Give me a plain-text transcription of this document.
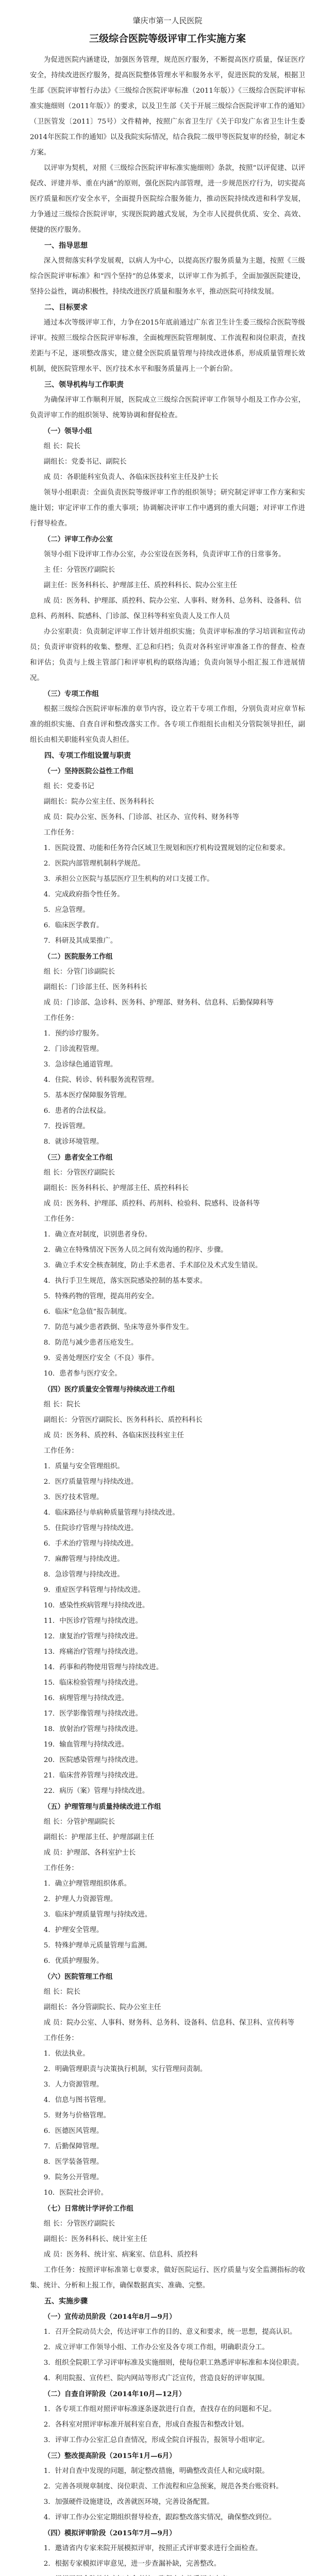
肇庆市第一人民医院

三级综合医院等级评审工作实施方案

为促进医院内涵建设，加强医务管理，规范医疗服务，不断提高医疗质量，保证医疗安全，持续改进医疗服务，提高医院整体管理水平和服务水平，促进医院的发展，根据卫生部《医院评审暂行办法》《三级综合医院评审标准（2011年版）》《三级综合医院评审标准实施细则（2011年版）》的要求，以及卫生部《关于开展三级综合医院评审工作的通知》（卫医管发〔2011〕75号）文件精神，按照广东省卫生厅《关于印发广东省卫生计生委2014年医院工作的通知》以及我院实际情况，结合我院二级甲等医院复审的经验，制定本方案。

以评审为契机，对照《三级综合医院评审标准实施细则》条款，按照“以评促建、以评促改、评建并举、重在内涵”的原则，强化医院内部管理，进一步规范医疗行为，切实提高医疗质量和医疗安全水平，全面提升医院综合服务能力，推动医院持续改进和科学发展，力争通过三级综合医院评审，实现医院跨越式发展，为全市人民提供优质、安全、高效、便捷的医疗服务。

一、指导思想

深入贯彻落实科学发展观，以病人为中心，以提高医疗服务质量为主题，按照《三级综合医院评审标准》和“四个坚持”的总体要求，以评审工作为抓手，全面加强医院建设，坚持公益性，调动积极性，持续改进医疗质量和服务水平，推动医院可持续发展。

二、目标要求

通过本次等级评审工作，力争在2015年底前通过广东省卫生计生委三级综合医院等级评审。按照三级综合医院评审标准，全面梳理医院管理制度、工作流程和岗位职责，查找差距与不足，逐项整改落实，建立健全医院质量管理与持续改进体系，形成质量管理长效机制，使医院管理水平、医疗技术水平和服务质量再上一个新台阶。

三、领导机构与工作职责

为确保评审工作顺利开展，医院成立三级综合医院评审工作领导小组及工作办公室，负责评审工作的组织领导、统筹协调和督促检查。

（一）领导小组

组 长：院长

副组长：党委书记、副院长

成 员：各职能科室负责人、各临床医技科室主任及护士长

领导小组职责：全面负责医院等级评审工作的组织领导；研究制定评审工作方案和实施计划；审定评审工作的重大事项；协调解决评审工作中遇到的重大问题；对评审工作进行督导检查。

（二）评审工作办公室

领导小组下设评审工作办公室，办公室设在医务科，负责评审工作的日常事务。

主 任：分管医疗副院长

副主任：医务科科长、护理部主任、质控科科长、院办公室主任

成 员：医务科、护理部、质控科、院办公室、人事科、财务科、总务科、设备科、信息科、药剂科、院感科、门诊部、保卫科等科室负责人及工作人员

办公室职责：负责制定评审工作计划并组织实施；负责评审标准的学习培训和宣传动员；负责评审资料的收集、整理、汇总和归档；负责对各科室评审准备工作的督查、检查和评估；负责与上级主管部门和评审机构的联络沟通；负责向领导小组汇报工作进展情况。

（三）专项工作组

根据三级综合医院评审标准的章节内容，设立若干专项工作组，分别负责对应章节标准的组织实施、自查自评和整改落实工作。各专项工作组组长由相关分管院领导担任，副组长由相关职能科室负责人担任。

四、专项工作组设置与职责

（一）坚持医院公益性工作组

组 长：党委书记

副组长：院办公室主任、医务科科长

成 员：院办公室、医务科、门诊部、社区办、宣传科、财务科等

工作任务：

1．医院设置、功能和任务符合区域卫生规划和医疗机构设置规划的定位和要求。

2．医院内部管理机制科学规范。

3．承担公立医院与基层医疗卫生机构的对口支援工作。

4．完成政府指令性任务。

5．应急管理。

6．临床医学教育。

7．科研及其成果推广。

（二）医院服务工作组

组 长：分管门诊副院长

副组长：门诊部主任、医务科科长

成 员：门诊部、急诊科、医务科、护理部、财务科、信息科、后勤保障科等

工作任务：

1．预约诊疗服务。

2．门诊流程管理。

3．急诊绿色通道管理。

4．住院、转诊、转科服务流程管理。

5．基本医疗保障服务管理。

6．患者的合法权益。

7．投诉管理。

8．就诊环境管理。

（三）患者安全工作组

组 长：分管医疗副院长

副组长：医务科科长、护理部主任、质控科科长

成 员：医务科、护理部、质控科、药剂科、检验科、院感科、设备科等

工作任务：

1．确立查对制度，识别患者身份。

2．确立在特殊情况下医务人员之间有效沟通的程序、步骤。

3．确立手术安全核查制度，防止手术患者、手术部位及术式发生错误。

4．执行手卫生规范，落实医院感染控制的基本要求。

5．特殊药物的管理，提高用药安全。

6．临床“危急值”报告制度。

7．防范与减少患者跌倒、坠床等意外事件发生。

8．防范与减少患者压疮发生。

9．妥善处理医疗安全（不良）事件。

10．患者参与医疗安全。

（四）医疗质量安全管理与持续改进工作组

组 长：院长

副组长：分管医疗副院长、医务科科长、质控科科长

成 员：医务科、质控科、各临床医技科室主任

工作任务：

1．质量与安全管理组织。

2．医疗质量管理与持续改进。

3．医疗技术管理。

4．临床路径与单病种质量管理与持续改进。

5．住院诊疗管理与持续改进。

6．手术治疗管理与持续改进。

7．麻醉管理与持续改进。

8．急诊管理与持续改进。

9．重症医学科管理与持续改进。

10．感染性疾病管理与持续改进。

11．中医诊疗管理与持续改进。

12．康复治疗管理与持续改进。

13．疼痛治疗管理与持续改进。

14．药事和药物使用管理与持续改进。

15．临床检验管理与持续改进。

16．病理管理与持续改进。

17．医学影像管理与持续改进。

18．放射治疗管理与持续改进。

19．输血管理与持续改进。

20．医院感染管理与持续改进。

21．临床营养管理与持续改进。

22．病历（案）管理与持续改进。

（五）护理管理与质量持续改进工作组

组 长：分管护理副院长

副组长：护理部主任、护理部副主任

成 员：护理部、各科室护士长

工作任务：

1．确立护理管理组织体系。

2．护理人力资源管理。

3．临床护理质量管理与持续改进。

4．护理安全管理。

5．特殊护理单元质量管理与监测。

6．优质护理服务。

（六）医院管理工作组

组 长：院长

副组长：各分管副院长、院办公室主任

成 员：院办公室、人事科、财务科、总务科、设备科、信息科、保卫科、宣传科等

工作任务：

1．依法执业。

2．明确管理职责与决策执行机制，实行管理问责制。

3．人力资源管理。

4．信息与图书管理。

5．财务与价格管理。

6．医德医风管理。

7．后勤保障管理。

8．医学装备管理。

9．院务公开管理。

10．医院社会评价。

（七）日常统计学评价工作组

组 长：分管医疗副院长

副组长：医务科科长、统计室主任

成 员：医务科、统计室、病案室、信息科、质控科

工作任务：按照评审标准第七章要求，做好医院运行、医疗质量与安全监测指标的收集、统计、分析和上报工作，确保数据真实、准确、完整。

五、实施步骤

（一）宣传动员阶段（2014年8月—9月）

1．召开全院动员大会，传达评审工作的目的、意义和要求，统一思想，提高认识。

2．成立评审工作领导小组、工作办公室及各专项工作组，明确职责分工。

3．组织全院职工学习评审标准及实施细则，使每位职工熟悉评审标准和本岗位职责。

4．利用院报、宣传栏、院内网站等形式广泛宣传，营造良好的评审氛围。

（二）自查自评阶段（2014年10月—12月）

1．各专项工作组对照评审标准逐条逐款进行自查，查找存在的问题和不足。

2．各科室对照评审标准开展科室自查，形成自查报告和整改计划。

3．评审工作办公室汇总自查情况，形成全院自评报告，报领导小组审定。

（三）整改提高阶段（2015年1月—6月）

1．针对自查中发现的问题，制定整改措施，明确整改责任人和完成时限。

2．完善各项规章制度、岗位职责、工作流程和应急预案，规范各类台账资料。

3．加强硬件设施建设，改善就医环境，完善设备配置。

4．评审工作办公室定期组织督导检查，跟踪整改落实情况，确保整改到位。

（四）模拟评审阶段（2015年7月—9月）

1．邀请省内专家来院开展模拟评审，按照正式评审要求进行全面检查。

2．根据专家模拟评审意见，进一步查漏补缺，完善整改。
